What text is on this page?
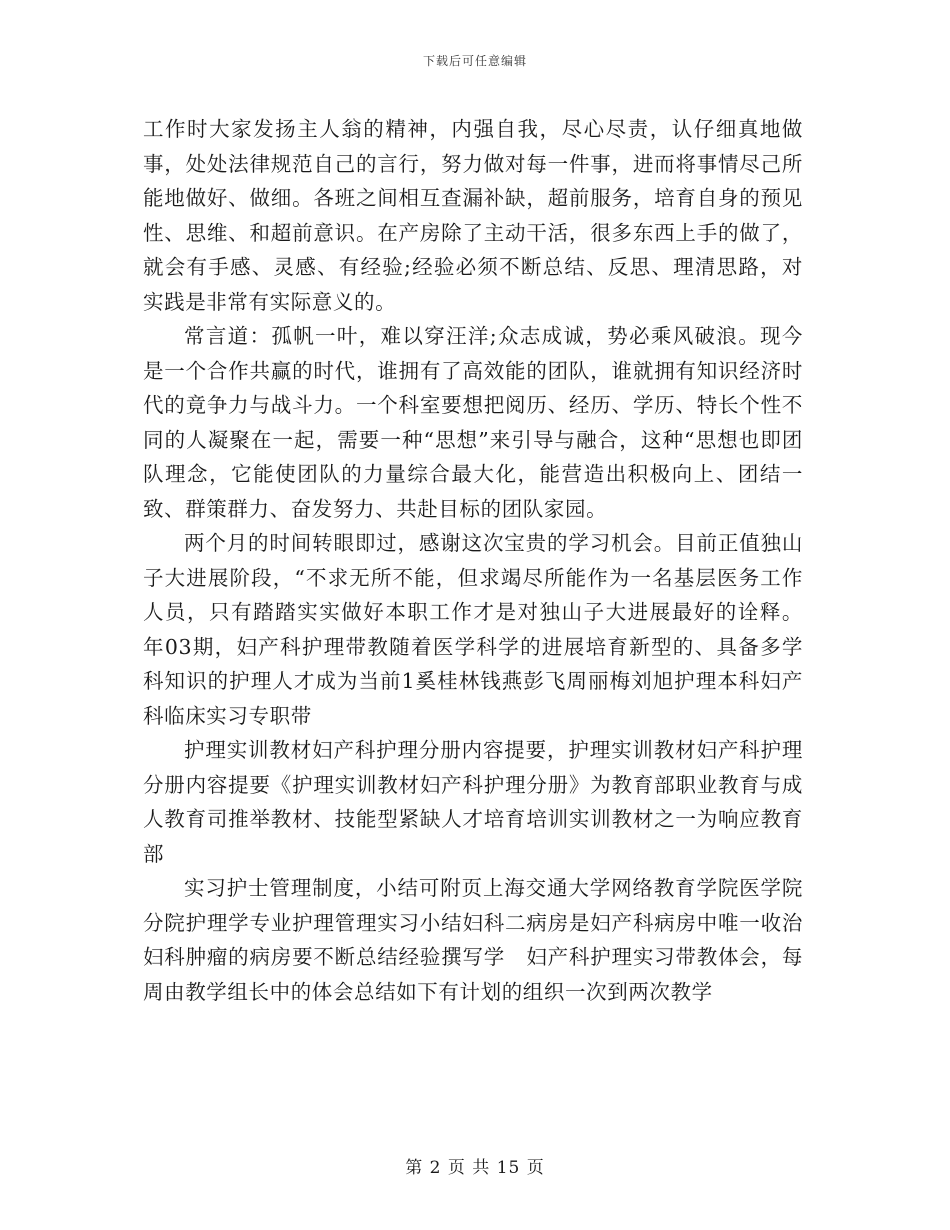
下载后可任意编辑

工作时大家发扬主人翁的精神，内强自我，尽心尽责，认仔细真地做事，处处法律规范自己的言行，努力做对每一件事，进而将事情尽己所能地做好、做细。各班之间相互查漏补缺，超前服务，培育自身的预见性、思维、和超前意识。在产房除了主动干活，很多东西上手的做了，就会有手感、灵感、有经验;经验必须不断总结、反思、理清思路，对实践是非常有实际意义的。

常言道：孤帆一叶，难以穿汪洋;众志成诚，势必乘风破浪。现今是一个合作共赢的时代，谁拥有了高效能的团队，谁就拥有知识经济时代的竟争力与战斗力。一个科室要想把阅历、经历、学历、特长个性不同的人凝聚在一起，需要一种“思想”来引导与融合，这种“思想也即团队理念，它能使团队的力量综合最大化，能营造出积极向上、团结一致、群策群力、奋发努力、共赴目标的团队家园。

两个月的时间转眼即过，感谢这次宝贵的学习机会。目前正值独山子大进展阶段，“不求无所不能，但求竭尽所能作为一名基层医务工作人员，只有踏踏实实做好本职工作才是对独山子大进展最好的诠释。 年03期，妇产科护理带教随着医学科学的进展培育新型的、具备多学科知识的护理人才成为当前1奚桂林钱燕彭飞周丽梅刘旭护理本科妇产科临床实习专职带

护理实训教材妇产科护理分册内容提要，护理实训教材妇产科护理分册内容提要《护理实训教材妇产科护理分册》为教育部职业教育与成人教育司推举教材、技能型紧缺人才培育培训实训教材之一为响应教育部

实习护士管理制度，小结可附页上海交通大学网络教育学院医学院分院护理学专业护理管理实习小结妇科二病房是妇产科病房中唯一收治妇科肿瘤的病房要不断总结经验撰写学　妇产科护理实习带教体会，每周由教学组长中的体会总结如下有计划的组织一次到两次教学

第 2 页 共 15 页
